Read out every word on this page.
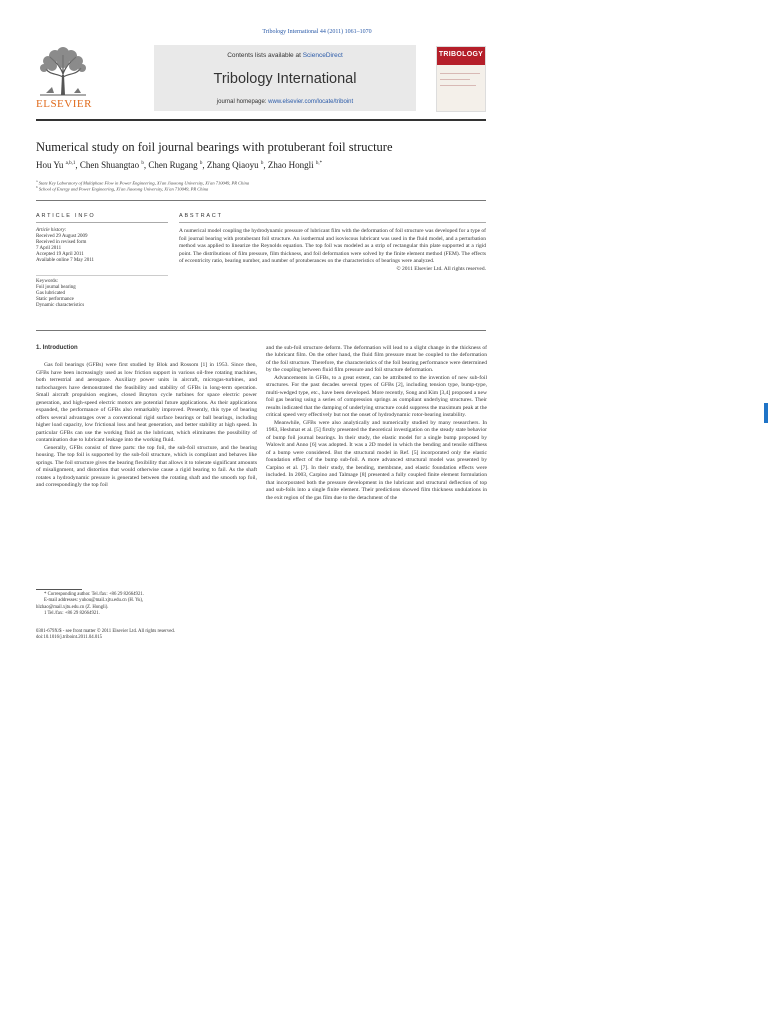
Tribology International 44 (2011) 1061–1070
ELSEVIER
Contents lists available at ScienceDirect
Tribology International
journal homepage: www.elsevier.com/locate/triboint
TRIBOLOGY
Numerical study on foil journal bearings with protuberant foil structure
Hou Yu $^{a,b,1}$, Chen Shuangtao $^b$, Chen Rugang $^b$, Zhang Qiaoyu $^b$, Zhao Hongli $^{b,*}$
$^a$ State Key Laboratory of Multiphase Flow in Power Engineering, Xi'an Jiaotong University, Xi'an 710049, PR China
$^b$ School of Energy and Power Engineering, Xi'an Jiaotong University, Xi'an 710049, PR China
ARTICLE INFO
Article history:
Received 29 August 2009
Received in revised form
7 April 2011
Accepted 19 April 2011
Available online 7 May 2011
Keywords:
Foil journal bearing
Gas lubricated
Static performance
Dynamic characteristics
ABSTRACT
A numerical model coupling the hydrodynamic pressure of lubricant film with the deformation of foil structure was developed for a type of foil journal bearing with protuberant foil structure. An isothermal and isoviscous lubricant was used in the fluid model, and a perturbation method was applied to linearize the Reynolds equation. The top foil was modeled as a strip of rectangular thin plate supported at a rigid point. The distributions of film pressure, film thickness, and foil deformation were solved by the finite element method (FEM). The effects of eccentricity ratio, bearing number, and number of protuberances on the characteristics of bearings were analyzed.
© 2011 Elsevier Ltd. All rights reserved.
1. Introduction

Gas foil bearings (GFBs) were first studied by Blok and Rossom [1] in 1953. Since then, GFBs have been increasingly used as low friction support in various oil-free rotating machines, both terrestrial and aerospace. Auxiliary power units in aircraft, microgas-turbines, and turbochargers have demonstrated the feasibility and stability of GFBs in long-term operation. Small aircraft propulsion engines, closed Brayton cycle turbines for space electric power generation, and high-speed electric motors are potential future applications. As their applications expanded, the performance of GFBs also remarkably improved. Presently, this type of bearing offers several advantages over a conventional rigid surface bearings or ball bearings, including higher load capacity, low frictional loss and heat generation, and better stability at high speed. In particular GFBs can use the working fluid as the lubricant, which eliminates the possibility of contamination due to lubricant leakage into the working fluid.

Generally, GFBs consist of three parts: the top foil, the sub-foil structure, and the bearing housing. The top foil is supported by the sub-foil structure, which is compliant and behaves like springs. The foil structure gives the bearing flexibility that allows it to tolerate significant amounts of misalignment, and distortion that would otherwise cause a rigid bearing to fail. As the shaft rotates a hydrodynamic pressure is generated between the rotating shaft and the smooth top foil, and correspondingly the top foil

and the sub-foil structure deform. The deformation will lead to a slight change in the thickness of the lubricant film. On the other hand, the fluid film pressure must be coupled to the deformation of the foil structure. Therefore, the characteristics of the foil bearing performance were determined by the coupling between fluid film pressure and foil structure deformation.

Advancements in GFBs, to a great extent, can be attributed to the invention of new sub-foil structures. For the past decades several types of GFBs [2], including tension type, bump-type, multi-wedged type, etc., have been developed. More recently, Song and Kim [3,4] proposed a new foil gas bearing using a series of compression springs as compliant underlying structures. Their results indicated that the damping of underlying structure could suppress the maximum peak at the critical speed very effectively but not the onset of hydrodynamic rotor-bearing instability.

Meanwhile, GFBs were also analytically and numerically studied by many researchers. In 1983, Heshmat et al. [5] firstly presented the theoretical investigation on the steady state behavior of bump foil journal bearings. In their study, the elastic model for a single bump proposed by Walowit and Anno [6] was adopted. It was a 2D model in which the bending and tensile stiffness of a bump were considered. But the structural model in Ref. [5] incorporated only the elastic foundation effect of the bump sub-foil. A more advanced structural model was presented by Carpino et al. [7]. In their study, the bending, membrane, and elastic foundation effects were included. In 2003, Carpino and Talmage [8] presented a fully coupled finite element formulation that incorporated both the pressure development in the lubricant and structural deflection of top and sub-foils into a single finite element. Their predictions showed film thickness undulations in the exit region of the gas film due to the detachment of the

* Corresponding author. Tel./fax: +86 29 82664921.

E-mail addresses: yuhou@mail.xjtu.edu.cn (H. Yu),

hlzhao@mail.xjtu.edu.cn (Z. Hongli).

1 Tel./fax: +86 29 82664921.

0301-679X/$ - see front matter © 2011 Elsevier Ltd. All rights reserved.
doi:10.1016/j.triboint.2011.04.015
